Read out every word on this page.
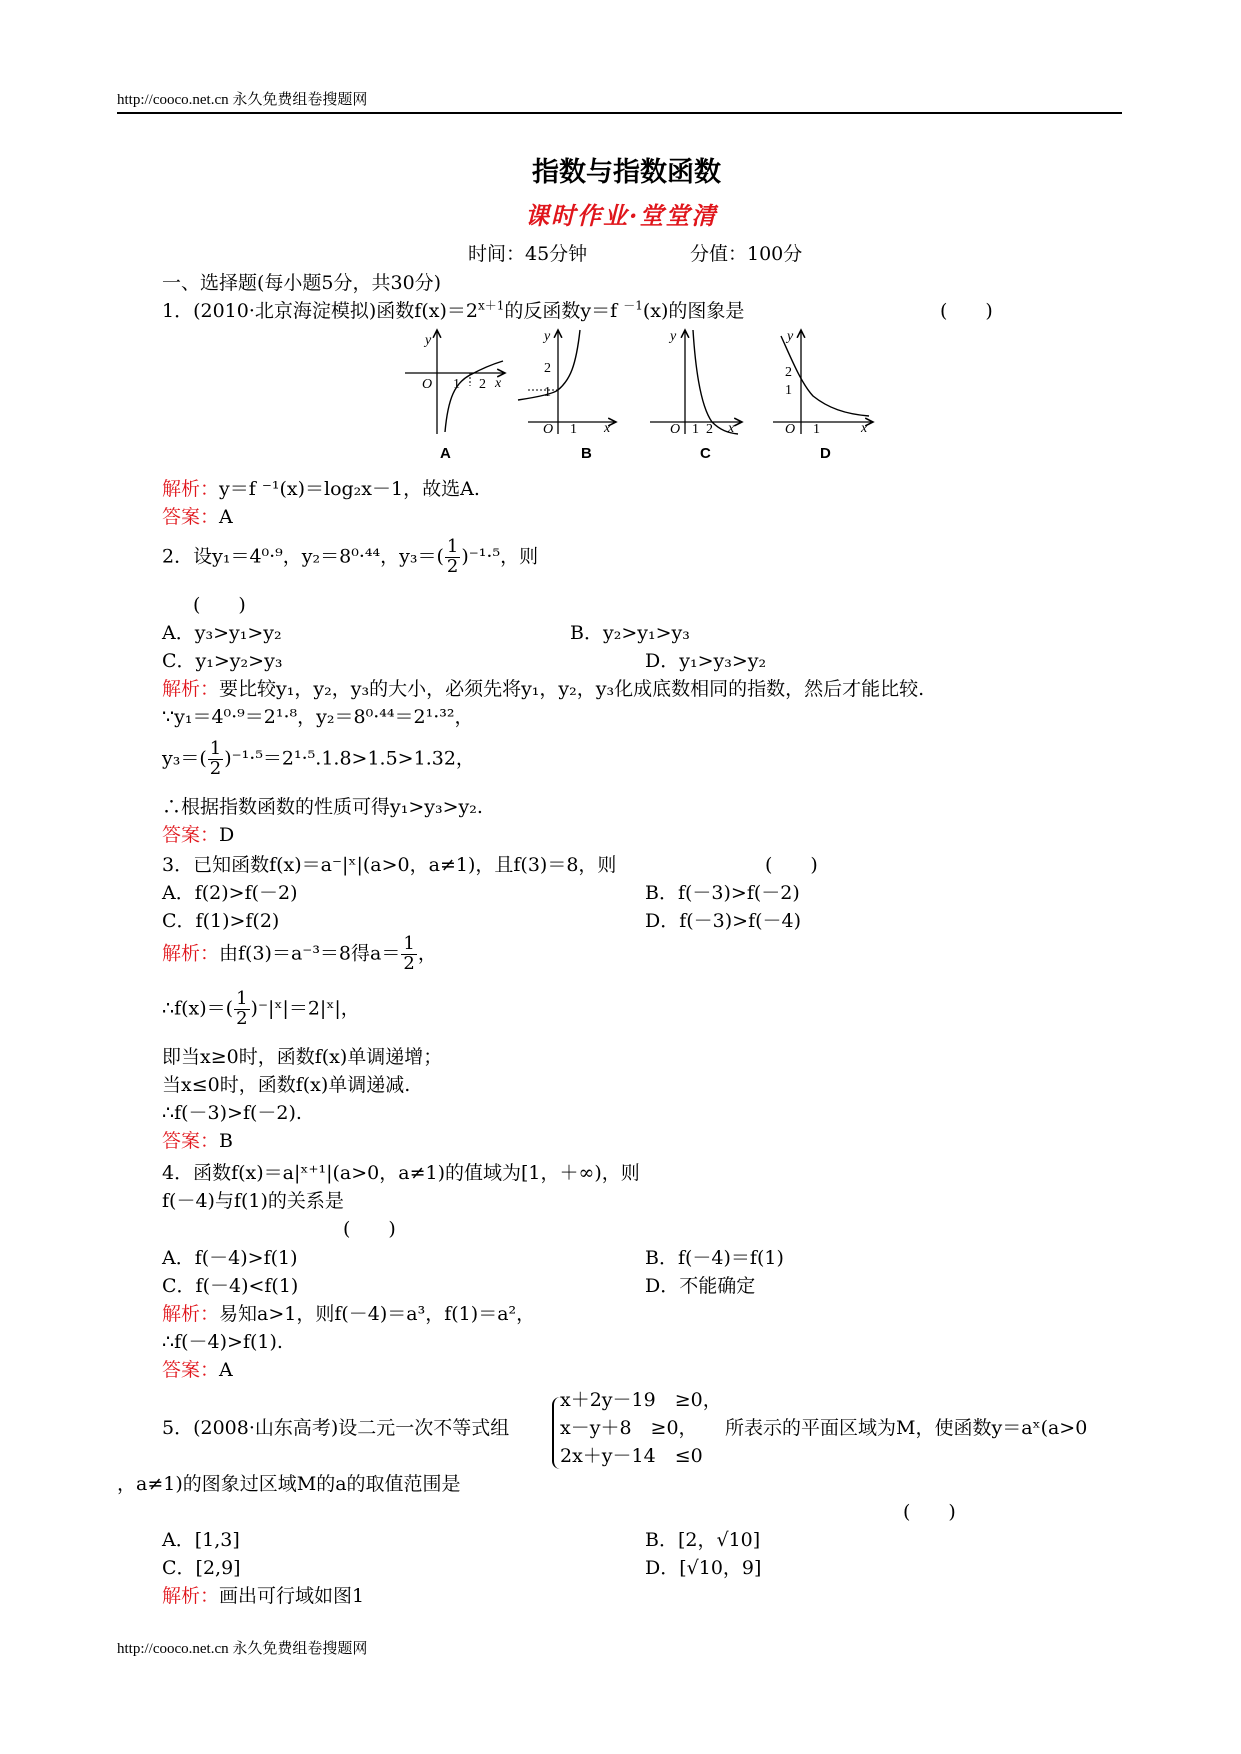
http://cooco.net.cn 永久免费组卷搜题网
指数与指数函数
课时作业·堂堂清
时间：45分钟	分值：100分
一、选择题(每小题5分，共30分)
1．(2010·北京海淀模拟)函数$f(x)=2^{x+1}$的反函数y＝f $^{-1}$(x)的图象是	(　　)
y
O 1 2 x
y
2
1
O 1 x
y
O 1 2 x
y
2
1
O 1	x
A	B	C	D
解析：y＝f ⁻¹(x)＝log₂x－1，故选A.
答案：A
2．设y₁＝4⁰·⁹，y₂＝8⁰·⁴⁴，$y_3=( \frac{1}{2} )^{-1}\cdot^5$，则
(　　)
A．y₃>y₁>y₂	B．y₂>y₁>y₃
C．y₁>y₂>y₃	D．y₁>y₃>y₂
解析：要比较y₁，y₂，y₃的大小，必须先将y₁，y₂，y₃化成底数相同的指数，然后才能比较.
∵y₁＝4⁰·⁹＝2¹·⁸，y₂＝8⁰·⁴⁴＝2¹·³²，
$y_3=( \frac{1}{2} )^{-1}\cdot^5=2^1\cdot^5.1.8>1.5>1.32$，
∴根据指数函数的性质可得y₁>y₃>y₂.
答案：D
3．已知函数f(x)＝a⁻|ˣ|(a>0，a≠1)，且f(3)＝8，则	(　　)
A．f(2)>f(－2)	B．f(－3)>f(－2)
C．f(1)>f(2)	D．f(－3)>f(－4)
解析：由f(3)＝a⁻³＝8得$a= \frac{1}{2}$ ，
∴f(x)＝( $\frac{1}{2}$ )⁻|ˣ|＝2|ˣ|，
即当x≥0时，函数f(x)单调递增；
当x≤0时，函数f(x)单调递减.
∴f(－3)>f(－2).
答案：B
4．函数f(x)＝a|ˣ⁺¹|(a>0，a≠1)的值域为[1，＋∞)，则
f(－4)与f(1)的关系是
(　　)
A．f(－4)>f(1)	B．f(－4)＝f(1)
C．f(－4)<f(1)	D．不能确定
解析：易知a>1，则f(－4)＝a³，f(1)＝a²，
∴f(－4)>f(1).
答案：A
x＋2y－19　≥0，
x－y＋8　≥0，
2x＋y－14　≤0
5．(2008·山东高考)设二元一次不等式组	所表示的平面区域为M，使函数y＝aˣ(a>0
，a≠1)的图象过区域M的a的取值范围是
(　　)
A．[1,3]	B．[2，√10]
C．[2,9]	D．[√10，9]
解析：画出可行域如图1
http://cooco.net.cn 永久免费组卷搜题网
